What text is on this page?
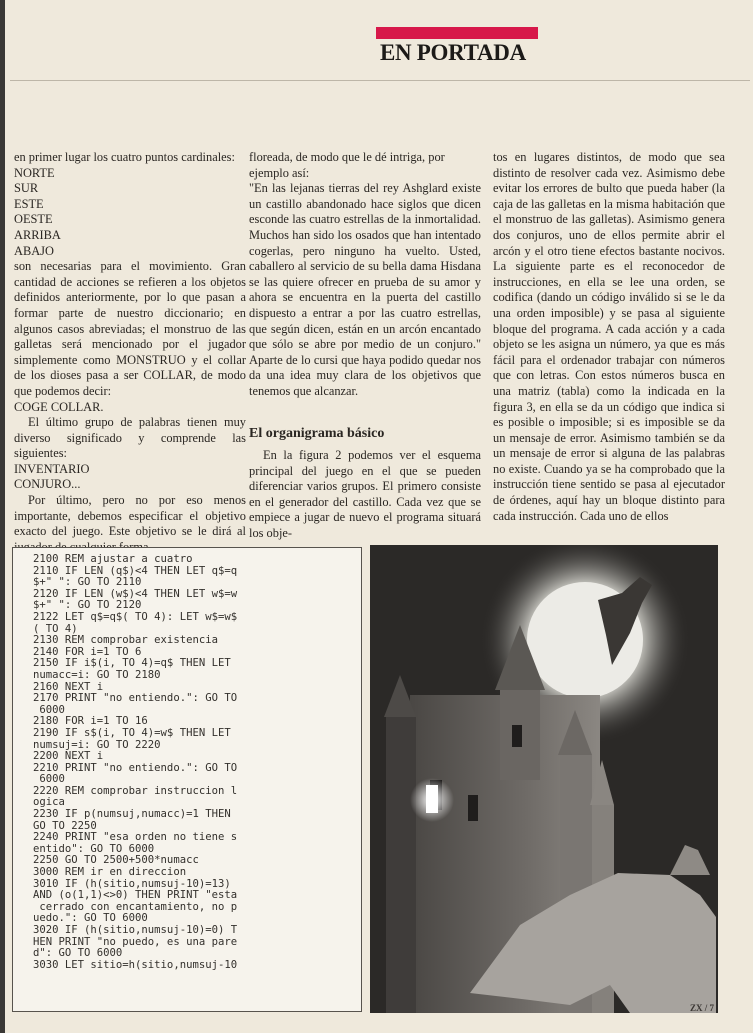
EN PORTADA

en primer lugar los cuatro puntos cardinales:

NORTE

SUR

ESTE

OESTE

ARRIBA

ABAJO

son necesarias para el movimiento. Gran cantidad de acciones se refieren a los objetos definidos anteriormente, por lo que pasan a formar parte de nuestro diccionario; en algunos casos abreviadas; el monstruo de las galletas será mencionado por el jugador simplemente como MONSTRUO y el collar de los dioses pasa a ser COLLAR, de modo que podemos decir:

COGE COLLAR.

El último grupo de palabras tienen muy diverso significado y comprende las siguientes:

INVENTARIO

CONJURO...

Por último, pero no por eso menos importante, debemos especificar el objetivo exacto del juego. Este objetivo se le dirá al

floreada, de modo que le dé intriga, por ejemplo así:

"En las lejanas tierras del rey Ashglard existe un castillo abandonado hace siglos que dicen esconde las cuatro estrellas de la inmortalidad. Muchos han sido los osados que han intentado cogerlas, pero ninguno ha vuelto. Usted, caballero al servicio de su bella dama Hisdana se las quiere ofrecer en prueba de su amor y ahora se encuentra en la puerta del castillo dispuesto a entrar a por las cuatro estrellas, que según dicen, están en un arcón encantado que sólo se abre por medio de un conjuro." Aparte de lo cursi que haya podido quedar nos da una idea muy clara de los objetivos que tenemos que alcanzar.

El organigrama básico

En la figura 2 podemos ver el esquema principal del juego en el que se pueden diferenciar varios grupos. El primero consiste en el generador del castillo. Cada vez que se empiece a jugar de nuevo el programa situará los obje-

tos en lugares distintos, de modo que sea distinto de resolver cada vez. Asimismo debe evitar los errores de bulto que pueda haber (la caja de las galletas en la misma habitación que el monstruo de las galletas). Asimismo genera dos conjuros, uno de ellos permite abrir el arcón y el otro tiene efectos bastante nocivos. La siguiente parte es el reconocedor de instrucciones, en ella se lee una orden, se codifica (dando un código inválido si se le da una orden imposible) y se pasa al siguiente bloque del programa. A cada acción y a cada objeto se les asigna un número, ya que es más fácil para el ordenador trabajar con números que con letras. Con estos números busca en una matriz (tabla) como la indicada en la figura 3, en ella se da un código que indica si es posible o imposible; si es imposible se da un mensaje de error. Asimismo también se da un mensaje de error si alguna de las palabras no existe. Cuando ya se ha comprobado que la instrucción tiene sentido se pasa al ejecutador de órdenes, aquí hay un bloque distinto para cada instrucción. Cada uno de ellos

2100 REM ajustar a cuatro
2110 IF LEN (q$)<4 THEN LET q$=q
$+" ": GO TO 2110
2120 IF LEN (w$)<4 THEN LET w$=w
$+" ": GO TO 2120
2122 LET q$=q$( TO 4): LET w$=w$
( TO 4)
2130 REM comprobar existencia
2140 FOR i=1 TO 6
2150 IF i$(i, TO 4)=q$ THEN LET
numacc=i: GO TO 2180
2160 NEXT i
2170 PRINT "no entiendo.": GO TO
6000
2180 FOR i=1 TO 16
2190 IF s$(i, TO 4)=w$ THEN LET
numsuj=i: GO TO 2220
2200 NEXT i
2210 PRINT "no entiendo.": GO TO
6000
2220 REM comprobar instruccion l
ogica
2230 IF p(numsuj,numacc)=1 THEN
GO TO 2250
2240 PRINT "esa orden no tiene s
entido": GO TO 6000
2250 GO TO 2500+500*numacc
3000 REM ir en direccion
3010 IF (h(sitio,numsuj-10)=13)
AND (o(1,1)<>0) THEN PRINT "esta
cerrado con encantamiento, no p
uedo.": GO TO 6000
3020 IF (h(sitio,numsuj-10)=0) T
HEN PRINT "no puedo, es una pare
d": GO TO 6000
3030 LET sitio=h(sitio,numsuj-10
ZX / 7
